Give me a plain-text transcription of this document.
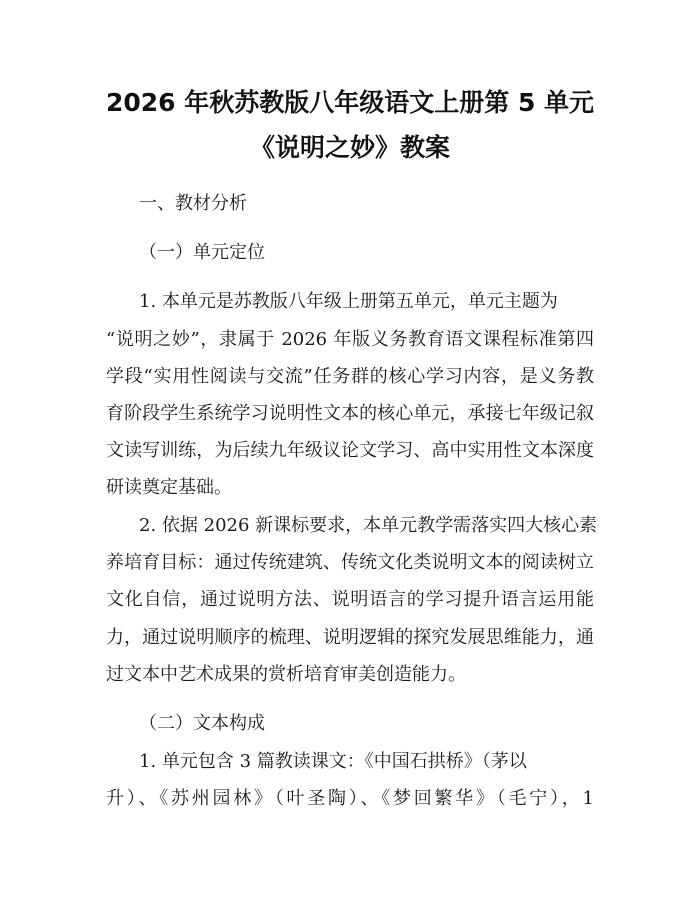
2026 年秋苏教版八年级语文上册第 5 单元
《说明之妙》教案
一、教材分析
（一）单元定位
1. 本单元是苏教版八年级上册第五单元，单元主题为
“说明之妙”，隶属于 2026 年版义务教育语文课程标准第四
学段“实用性阅读与交流”任务群的核心学习内容，是义务教
育阶段学生系统学习说明性文本的核心单元，承接七年级记叙
文读写训练，为后续九年级议论文学习、高中实用性文本深度
研读奠定基础。
2. 依据 2026 新课标要求，本单元教学需落实四大核心素
养培育目标：通过传统建筑、传统文化类说明文本的阅读树立
文化自信，通过说明方法、说明语言的学习提升语言运用能
力，通过说明顺序的梳理、说明逻辑的探究发展思维能力，通
过文本中艺术成果的赏析培育审美创造能力。
（二）文本构成
1. 单元包含 3 篇教读课文：《中国石拱桥》（茅以
升）、《苏州园林》（叶圣陶）、《梦回繁华》（毛宁），1
